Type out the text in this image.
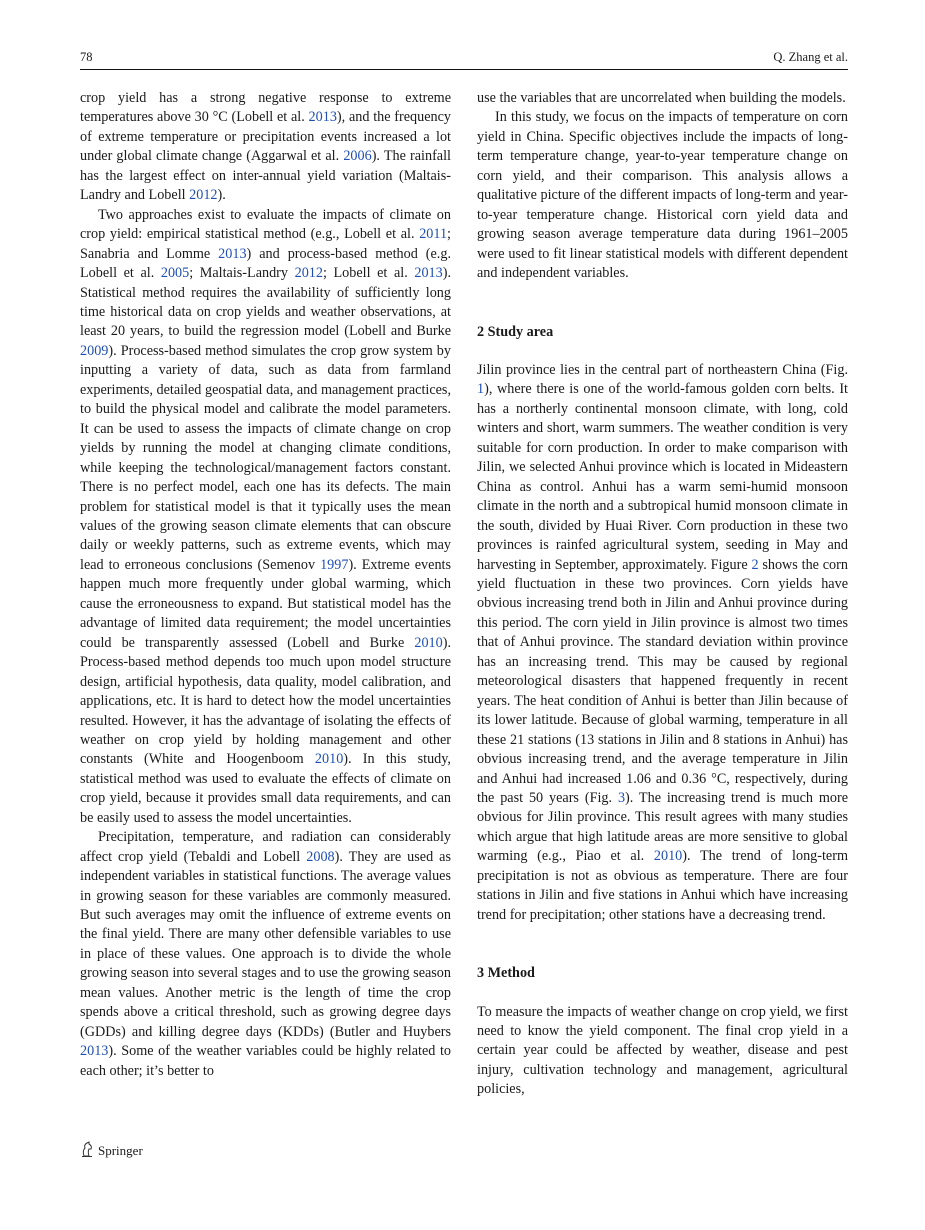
78	Q. Zhang et al.

crop yield has a strong negative response to extreme temperatures above 30 °C (Lobell et al. 2013), and the frequency of extreme temperature or precipitation events increased a lot under global climate change (Aggarwal et al. 2006). The rainfall has the largest effect on inter-annual yield variation (Maltais-Landry and Lobell 2012).

Two approaches exist to evaluate the impacts of climate on crop yield: empirical statistical method (e.g., Lobell et al. 2011; Sanabria and Lomme 2013) and process-based method (e.g. Lobell et al. 2005; Maltais-Landry 2012; Lobell et al. 2013). Statistical method requires the availability of sufficiently long time historical data on crop yields and weather observations, at least 20 years, to build the regression model (Lobell and Burke 2009). Process-based method simulates the crop grow system by inputting a variety of data, such as data from farmland experiments, detailed geospatial data, and management practices, to build the physical model and calibrate the model parameters. It can be used to assess the impacts of climate change on crop yields by running the model at changing climate conditions, while keeping the technological/management factors constant. There is no perfect model, each one has its defects. The main problem for statistical model is that it typically uses the mean values of the growing season climate elements that can obscure daily or weekly patterns, such as extreme events, which may lead to erroneous conclusions (Semenov 1997). Extreme events happen much more frequently under global warming, which cause the erroneousness to expand. But statistical model has the advantage of limited data requirement; the model uncertainties could be transparently assessed (Lobell and Burke 2010). Process-based method depends too much upon model structure design, artificial hypothesis, data quality, model calibration, and applications, etc. It is hard to detect how the model uncertainties resulted. However, it has the advantage of isolating the effects of weather on crop yield by holding management and other constants (White and Hoogenboom 2010). In this study, statistical method was used to evaluate the effects of climate on crop yield, because it provides small data requirements, and can be easily used to assess the model uncertainties.

Precipitation, temperature, and radiation can considerably affect crop yield (Tebaldi and Lobell 2008). They are used as independent variables in statistical functions. The average values in growing season for these variables are commonly measured. But such averages may omit the influence of extreme events on the final yield. There are many other defensible variables to use in place of these values. One approach is to divide the whole growing season into several stages and to use the growing season mean values. Another metric is the length of time the crop spends above a critical threshold, such as growing degree days (GDDs) and killing degree days (KDDs) (Butler and Huybers 2013). Some of the weather variables could be highly related to each other; it’s better to

use the variables that are uncorrelated when building the models.

In this study, we focus on the impacts of temperature on corn yield in China. Specific objectives include the impacts of long-term temperature change, year-to-year temperature change on corn yield, and their comparison. This analysis allows a qualitative picture of the different impacts of long-term and year-to-year temperature change. Historical corn yield data and growing season average temperature data during 1961–2005 were used to fit linear statistical models with different dependent and independent variables.

2 Study area

Jilin province lies in the central part of northeastern China (Fig. 1), where there is one of the world-famous golden corn belts. It has a northerly continental monsoon climate, with long, cold winters and short, warm summers. The weather condition is very suitable for corn production. In order to make comparison with Jilin, we selected Anhui province which is located in Mideastern China as control. Anhui has a warm semi-humid monsoon climate in the north and a subtropical humid monsoon climate in the south, divided by Huai River. Corn production in these two provinces is rainfed agricultural system, seeding in May and harvesting in September, approximately. Figure 2 shows the corn yield fluctuation in these two provinces. Corn yields have obvious increasing trend both in Jilin and Anhui province during this period. The corn yield in Jilin province is almost two times that of Anhui province. The standard deviation within province has an increasing trend. This may be caused by regional meteorological disasters that happened frequently in recent years. The heat condition of Anhui is better than Jilin because of its lower latitude. Because of global warming, temperature in all these 21 stations (13 stations in Jilin and 8 stations in Anhui) has obvious increasing trend, and the average temperature in Jilin and Anhui had increased 1.06 and 0.36 °C, respectively, during the past 50 years (Fig. 3). The increasing trend is much more obvious for Jilin province. This result agrees with many studies which argue that high latitude areas are more sensitive to global warming (e.g., Piao et al. 2010). The trend of long-term precipitation is not as obvious as temperature. There are four stations in Jilin and five stations in Anhui which have increasing trend for precipitation; other stations have a decreasing trend.

3 Method

To measure the impacts of weather change on crop yield, we first need to know the yield component. The final crop yield in a certain year could be affected by weather, disease and pest injury, cultivation technology and management, agricultural policies,

Springer
